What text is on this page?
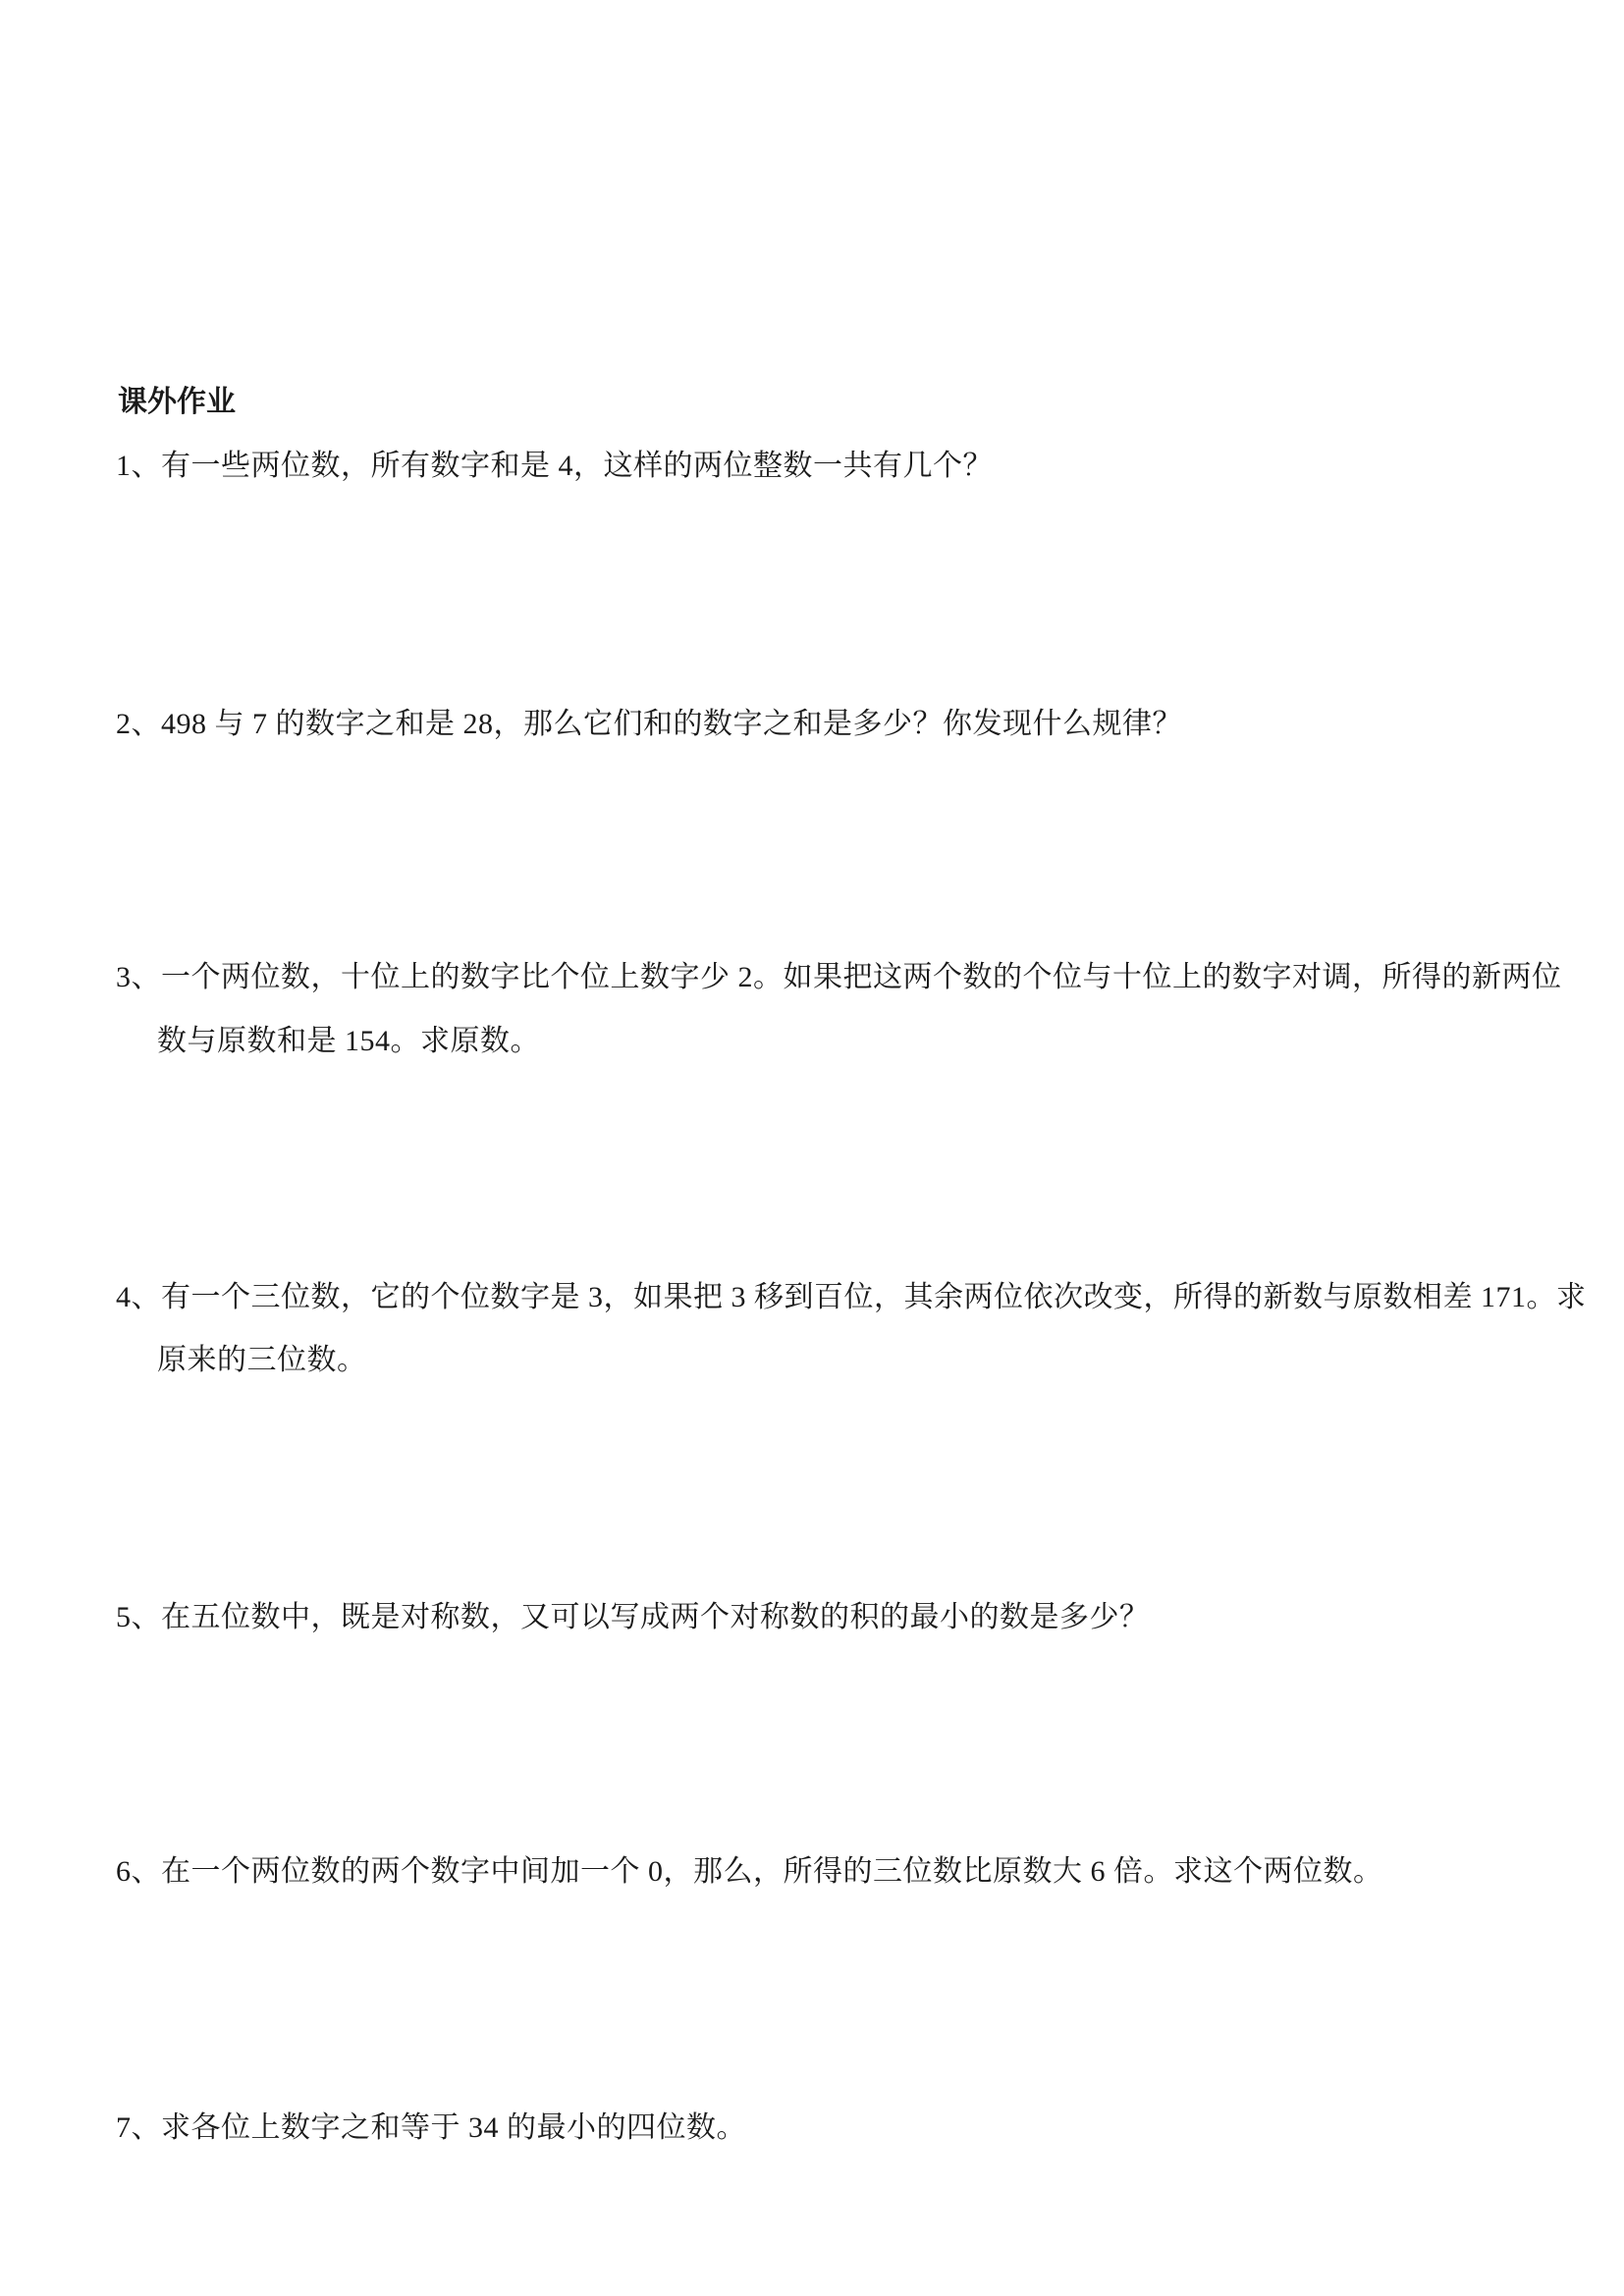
课外作业
1、有一些两位数，所有数字和是 4，这样的两位整数一共有几个？
2、498 与 7 的数字之和是 28，那么它们和的数字之和是多少？你发现什么规律？
3、一个两位数，十位上的数字比个位上数字少 2。如果把这两个数的个位与十位上的数字对调，所得的新两位
数与原数和是 154。求原数。
4、有一个三位数，它的个位数字是 3，如果把 3 移到百位，其余两位依次改变，所得的新数与原数相差 171。求
原来的三位数。
5、在五位数中，既是对称数，又可以写成两个对称数的积的最小的数是多少？
6、在一个两位数的两个数字中间加一个 0，那么，所得的三位数比原数大 6 倍。求这个两位数。
7、求各位上数字之和等于 34 的最小的四位数。
